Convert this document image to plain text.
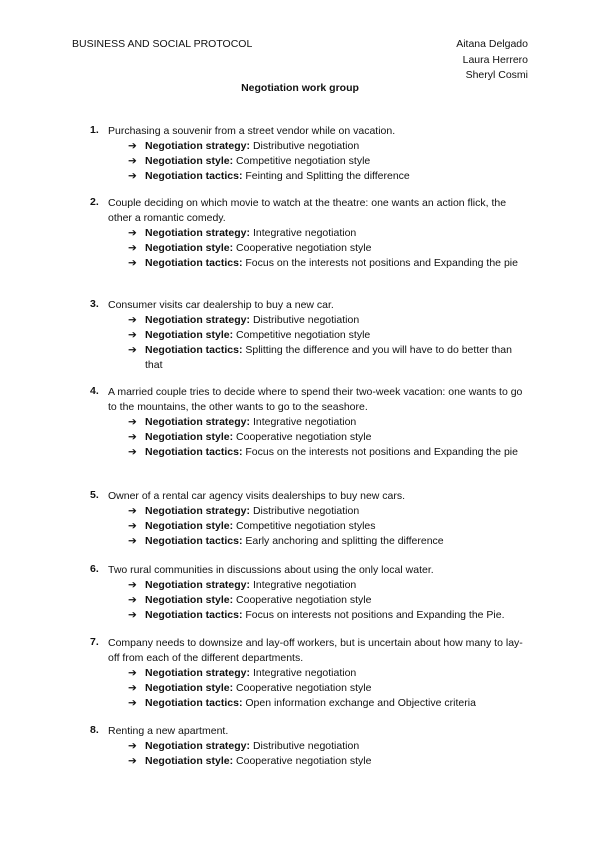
BUSINESS AND SOCIAL PROTOCOL	Aitana Delgado
Laura Herrero
Sheryl Cosmi
Negotiation work group
1. Purchasing a souvenir from a street vendor while on vacation.
➔ Negotiation strategy: Distributive negotiation
➔ Negotiation style: Competitive negotiation style
➔ Negotiation tactics: Feinting and Splitting the difference
2. Couple deciding on which movie to watch at the theatre: one wants an action flick, the other a romantic comedy.
➔ Negotiation strategy: Integrative negotiation
➔ Negotiation style: Cooperative negotiation style
➔ Negotiation tactics: Focus on the interests not positions and Expanding the pie
3. Consumer visits car dealership to buy a new car.
➔ Negotiation strategy: Distributive negotiation
➔ Negotiation style: Competitive negotiation style
➔ Negotiation tactics: Splitting the difference and you will have to do better than that
4. A married couple tries to decide where to spend their two-week vacation: one wants to go to the mountains, the other wants to go to the seashore.
➔ Negotiation strategy: Integrative negotiation
➔ Negotiation style: Cooperative negotiation style
➔ Negotiation tactics: Focus on the interests not positions and Expanding the pie
5. Owner of a rental car agency visits dealerships to buy new cars.
➔ Negotiation strategy: Distributive negotiation
➔ Negotiation style: Competitive negotiation styles
➔ Negotiation tactics: Early anchoring and splitting the difference
6. Two rural communities in discussions about using the only local water.
➔ Negotiation strategy: Integrative negotiation
➔ Negotiation style: Cooperative negotiation style
➔ Negotiation tactics: Focus on interests not positions and Expanding the Pie.
7. Company needs to downsize and lay-off workers, but is uncertain about how many to lay-off from each of the different departments.
➔ Negotiation strategy: Integrative negotiation
➔ Negotiation style: Cooperative negotiation style
➔ Negotiation tactics: Open information exchange and Objective criteria
8. Renting a new apartment.
➔ Negotiation strategy: Distributive negotiation
➔ Negotiation style: Cooperative negotiation style
